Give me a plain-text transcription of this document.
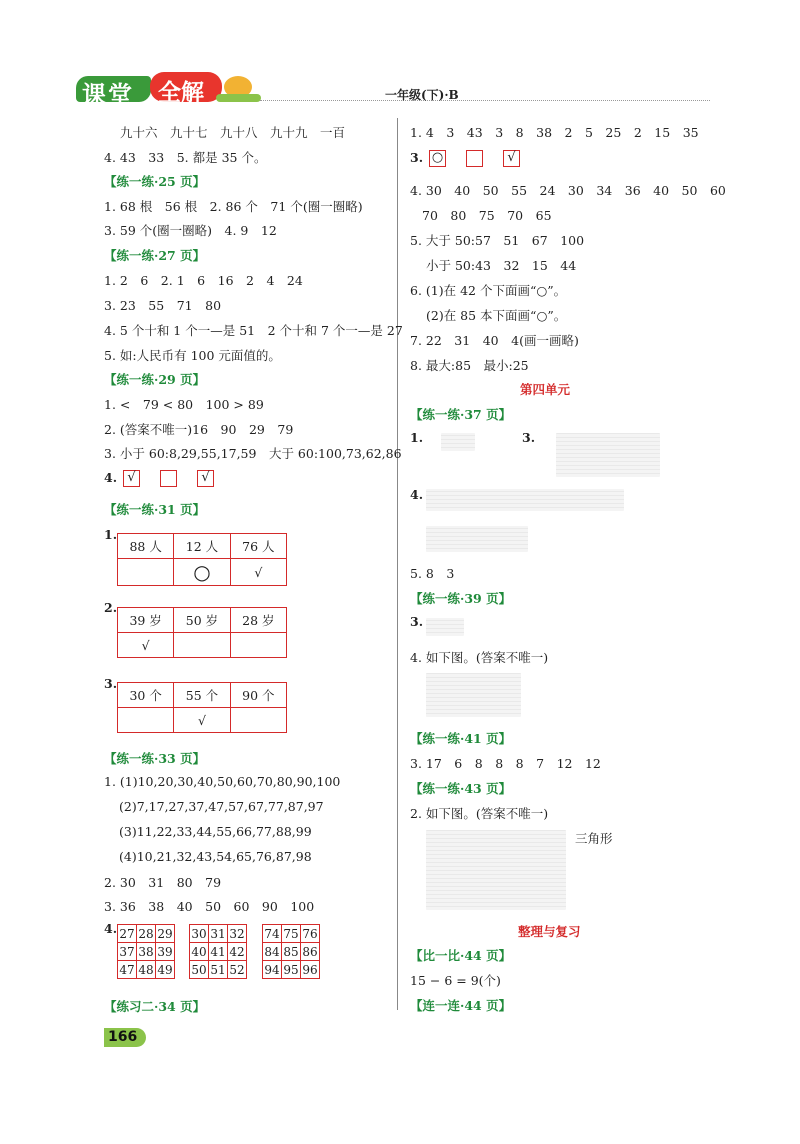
课堂 全解	一年级(下)·B
九十六　九十七　九十八　九十九　一百
4. 43　33　5. 都是 35 个。
【练一练·25 页】
1. 68 根　56 根　2. 86 个　71 个(圈一圈略)
3. 59 个(圈一圈略)　4. 9　12
【练一练·27 页】
1. 2　6　2. 1　6　16　2　4　24
3. 23　55　71　80
4. 5 个十和 1 个一—是 51　2 个十和 7 个一—是 27
5. 如:人民币有 100 元面值的。
【练一练·29 页】
1. <　79 < 80　100 > 89
2. (答案不唯一)16　90　29　79
3. 小于 60:8,29,55,17,59　大于 60:100,73,62,86
4. √	√
【练一练·31 页】
1.
88 人	12 人	76 人
	○	√
2.
39 岁	50 岁	28 岁
√		
3.
30 个	55 个	90 个
	√	
【练一练·33 页】
1. (1)10,20,30,40,50,60,70,80,90,100
(2)7,17,27,37,47,57,67,77,87,97
(3)11,22,33,44,55,66,77,88,99
(4)10,21,32,43,54,65,76,87,98
2. 30　31　80　79
3. 36　38　40　50　60　90　100
4. 27	28	29
37	38	39
47	48	49
30	31	32
40	41	42
50	51	52
74	75	76
84	85	86
94	95	96
【练习二·34 页】
166
1. 4　3　43　3　8　38　2　5　25　2　15　35
3. ○	√
4. 30　40　50　55　24　30　34　36　40　50　60
70　80　75　70　65
5. 大于 50:57　51　67　100
小于 50:43　32　15　44
6. (1)在 42 个下面画“○”。
(2)在 85 本下面画“○”。
7. 22　31　40　4(画一画略)
8. 最大:85　最小:25
第四单元
【练一练·37 页】
1.	3.
4.
5. 8　3
【练一练·39 页】
3.
4. 如下图。(答案不唯一)
【练一练·41 页】
3. 17　6　8　8　8　7　12　12
【练一练·43 页】
2. 如下图。(答案不唯一)
三角形
整理与复习
【比一比·44 页】
15 − 6 = 9(个)
【连一连·44 页】
